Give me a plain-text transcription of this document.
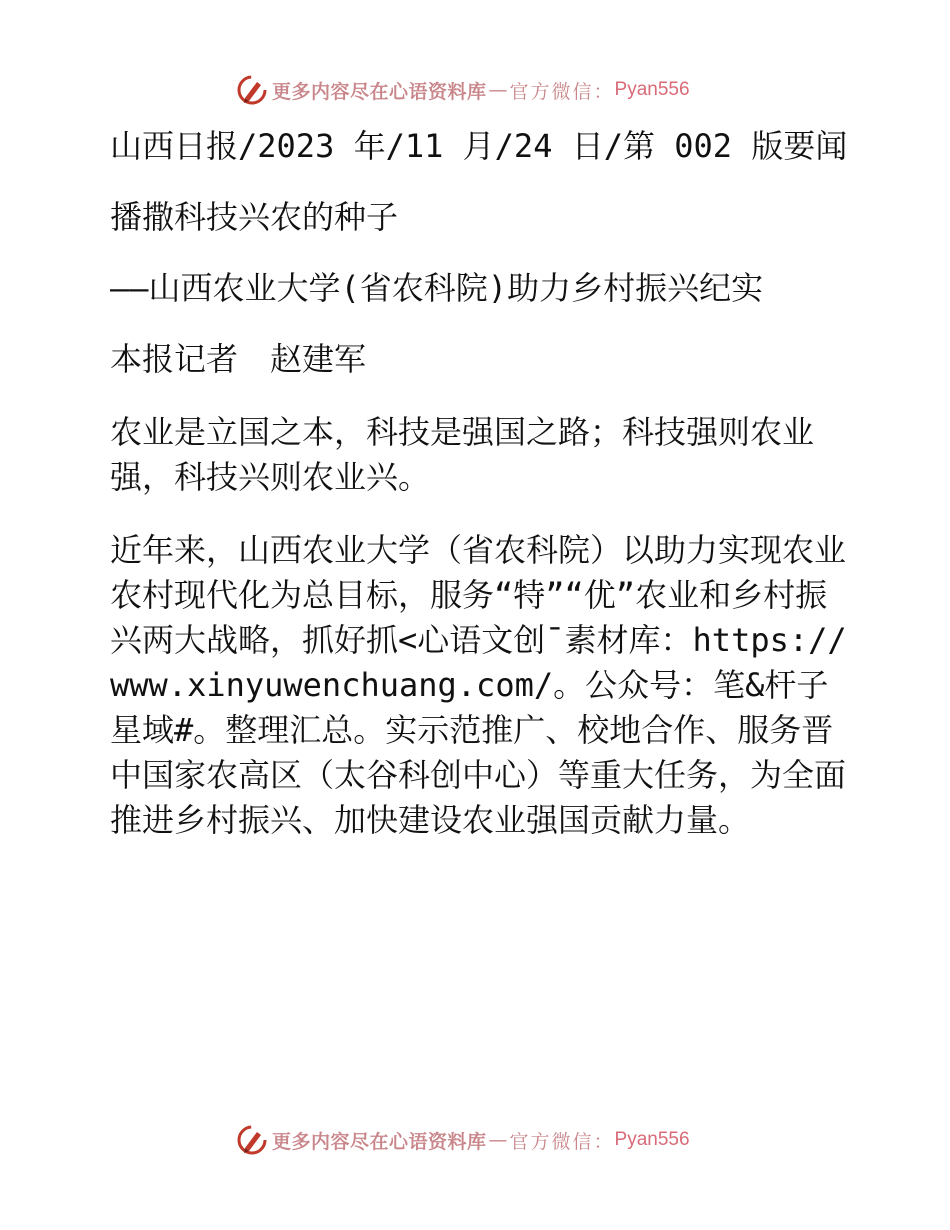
更多内容尽在心语资料库 — 官方微信： Pyan556

山西日报/2023 年/11 月/24 日/第 002 版要闻

播撒科技兴农的种子

——山西农业大学(省农科院)助力乡村振兴纪实

本报记者　赵建军

农业是立国之本，科技是强国之路；科技强则农业强，科技兴则农业兴。

近年来，山西农业大学（省农科院）以助力实现农业农村现代化为总目标，服务“特”“优”农业和乡村振兴两大战略，抓好抓<心语文创¯素材库：https://www.xinyuwenchuang.com/。公众号：笔&杆子星域#。整理汇总。实示范推广、校地合作、服务晋中国家农高区（太谷科创中心）等重大任务，为全面推进乡村振兴、加快建设农业强国贡献力量。

更多内容尽在心语资料库 — 官方微信： Pyan556
